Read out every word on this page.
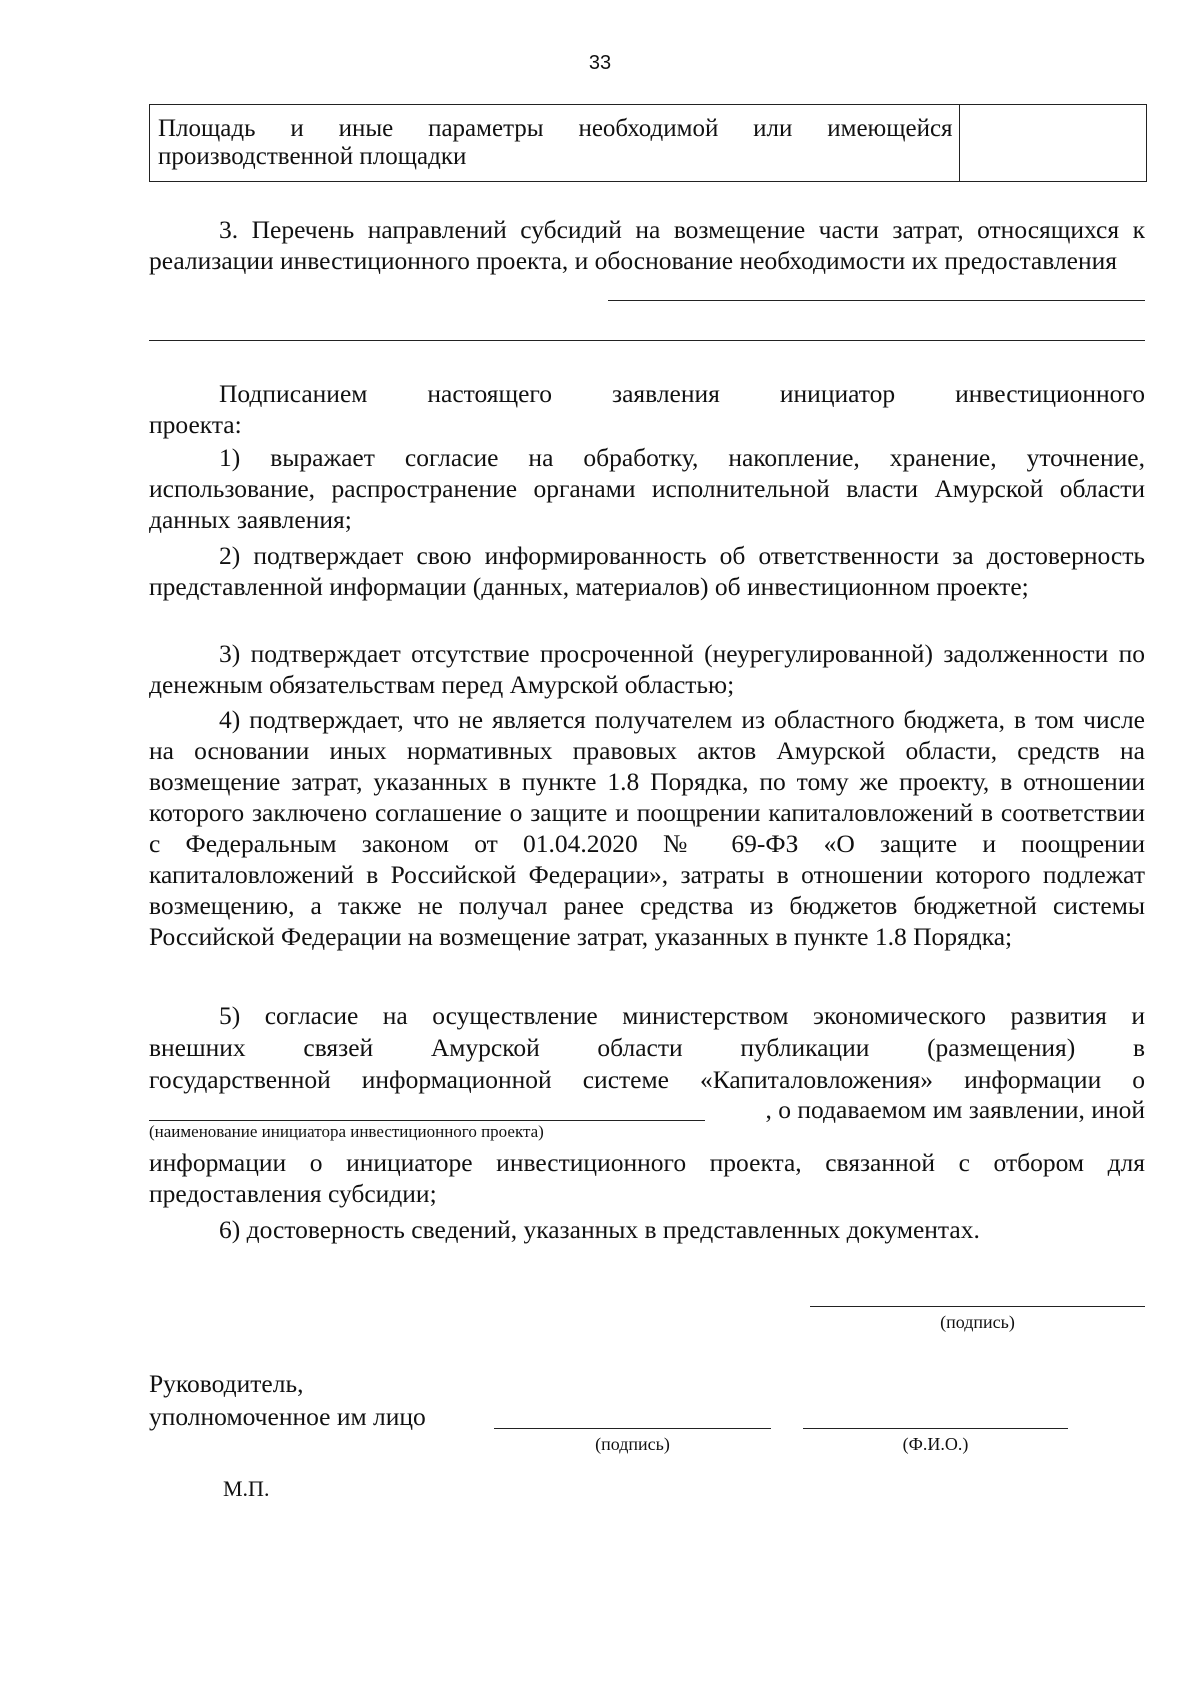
33
Площадь и иные параметры необходимой или имеющейся производственной площадки	
3. Перечень направлений субсидий на возмещение части затрат, относящихся к реализации инвестиционного проекта, и обоснование необходимости их предоставления
Подписанием настоящего заявления инициатор инвестиционного
проекта:
1) выражает согласие на обработку, накопление, хранение, уточнение, использование, распространение органами исполнительной власти Амурской области данных заявления;
2) подтверждает свою информированность об ответственности за достоверность представленной информации (данных, материалов) об инвестиционном проекте;
3) подтверждает отсутствие просроченной (неурегулированной) задолженности по денежным обязательствам перед Амурской областью;
4) подтверждает, что не является получателем из областного бюджета, в том числе на основании иных нормативных правовых актов Амурской области, средств на возмещение затрат, указанных в пункте 1.8 Порядка, по тому же проекту, в отношении которого заключено соглашение о защите и поощрении капиталовложений в соответствии с Федеральным законом от 01.04.2020 № 69-ФЗ «О защите и поощрении капиталовложений в Российской Федерации», затраты в отношении которого подлежат возмещению, а также не получал ранее средства из бюджетов бюджетной системы Российской Федерации на возмещение затрат, указанных в пункте 1.8 Порядка;
5) согласие на осуществление министерством экономического развития и
внешних связей Амурской области публикации (размещения) в
государственной информационной системе «Капиталовложения» информации о
, о подаваемом им заявлении, иной
(наименование инициатора инвестиционного проекта)
информации о инициаторе инвестиционного проекта, связанной с отбором для предоставления субсидии;
6) достоверность сведений, указанных в представленных документах.
(подпись)
Руководитель,
уполномоченное им лицо
(подпись)	(Ф.И.О.)
М.П.
